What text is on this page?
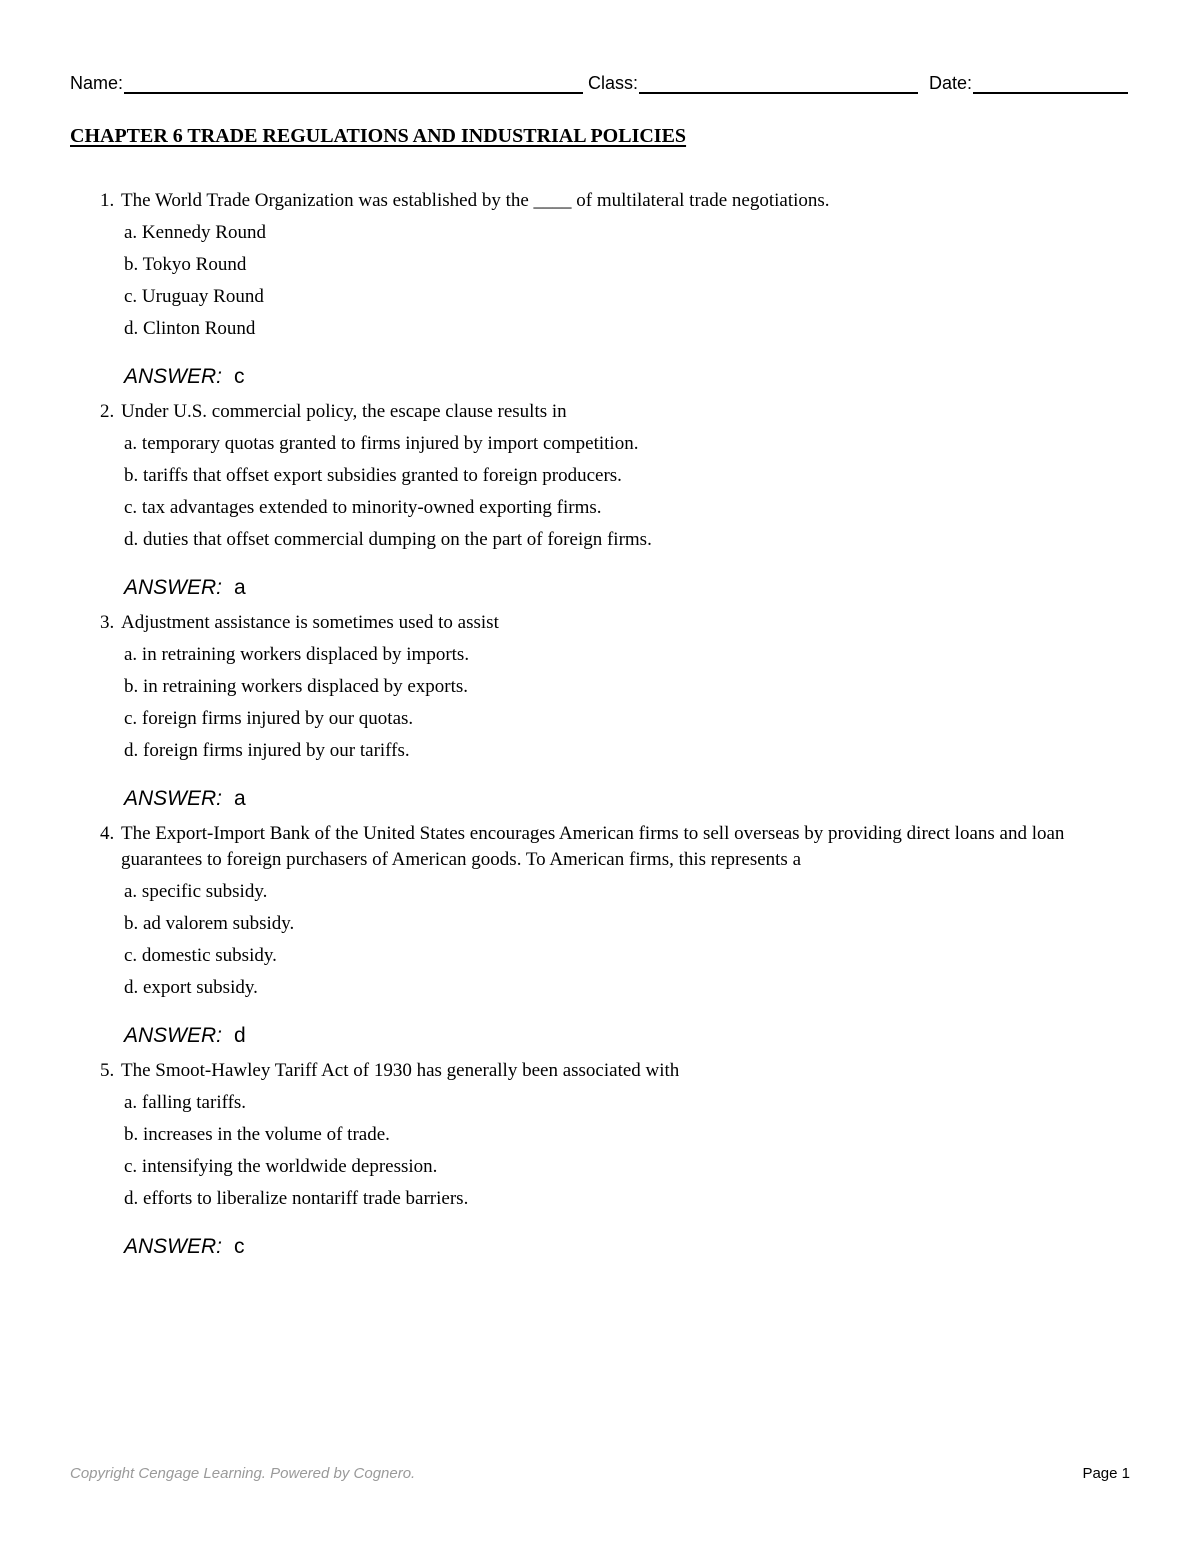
Name:	Class:	Date:
CHAPTER 6 TRADE REGULATIONS AND INDUSTRIAL POLICIES
1. The World Trade Organization was established by the ____ of multilateral trade negotiations.
a. Kennedy Round
b. Tokyo Round
c. Uruguay Round
d. Clinton Round
ANSWER: c
2. Under U.S. commercial policy, the escape clause results in
a. temporary quotas granted to firms injured by import competition.
b. tariffs that offset export subsidies granted to foreign producers.
c. tax advantages extended to minority-owned exporting firms.
d. duties that offset commercial dumping on the part of foreign firms.
ANSWER: a
3. Adjustment assistance is sometimes used to assist
a. in retraining workers displaced by imports.
b. in retraining workers displaced by exports.
c. foreign firms injured by our quotas.
d. foreign firms injured by our tariffs.
ANSWER: a
4. The Export-Import Bank of the United States encourages American firms to sell overseas by providing direct loans and loan guarantees to foreign purchasers of American goods. To American firms, this represents a
a. specific subsidy.
b. ad valorem subsidy.
c. domestic subsidy.
d. export subsidy.
ANSWER: d
5. The Smoot-Hawley Tariff Act of 1930 has generally been associated with
a. falling tariffs.
b. increases in the volume of trade.
c. intensifying the worldwide depression.
d. efforts to liberalize nontariff trade barriers.
ANSWER: c
Copyright Cengage Learning. Powered by Cognero.	Page 1
